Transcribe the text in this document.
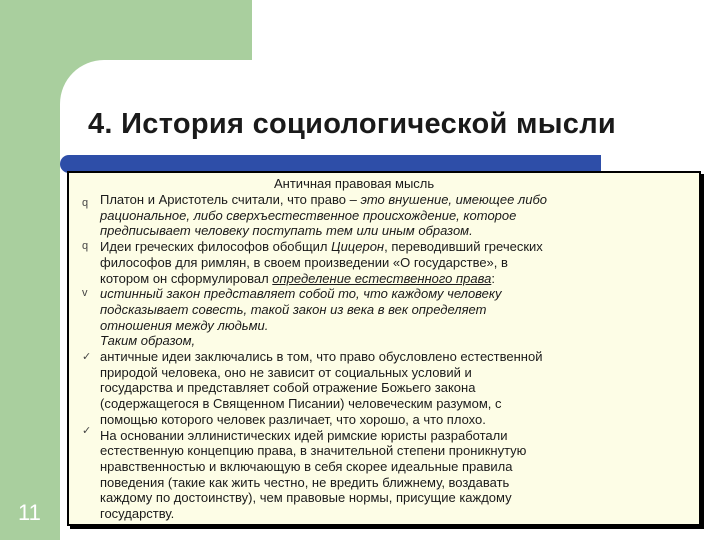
4. История социологической мысли
Античная правовая мысль
q
q
v
✓
✓
Платон и Аристотель считали, что право – это внушение, имеющее либо
рациональное, либо сверхъестественное происхождение, которое
предписывает человеку поступать тем или иным образом.
Идеи греческих философов обобщил Цицерон, переводивший греческих
философов для римлян, в своем произведении «О государстве», в
котором он сформулировал определение естественного права:
истинный закон представляет собой то, что каждому человеку
подсказывает совесть, такой закон из века в век определяет
отношения между людьми.
Таким образом,
античные идеи заключались в том, что право обусловлено естественной
природой человека, оно не зависит от социальных условий и
государства и представляет собой отражение Божьего закона
(содержащегося в Священном Писании) человеческим разумом, с
помощью которого человек различает, что хорошо, а что плохо.
На основании эллинистических идей римские юристы разработали
естественную концепцию права, в значительной степени проникнутую
нравственностью и включающую в себя скорее идеальные правила
поведения (такие как жить честно, не вредить ближнему, воздавать
каждому по достоинству), чем правовые нормы, присущие каждому
государству.
11
